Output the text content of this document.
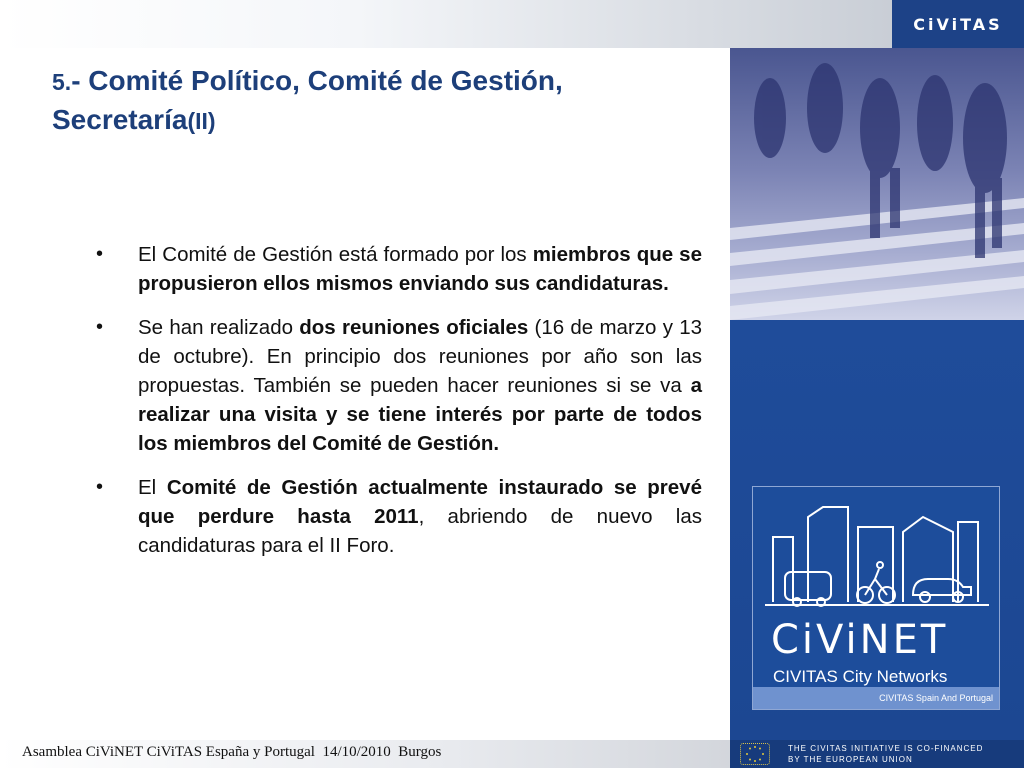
CiViTAS
5.- Comité Político, Comité de Gestión, Secretaría(II)
• El Comité de Gestión está formado por los miembros que se propusieron ellos mismos enviando sus candidaturas.

• Se han realizado dos reuniones oficiales (16 de marzo y 13 de octubre). En principio dos reuniones por año son las propuestas. También se pueden hacer reuniones si se va a realizar una visita y se tiene interés por parte de todos los miembros del Comité de Gestión.

• El Comité de Gestión actualmente instaurado se prevé que perdure hasta 2011, abriendo de nuevo las candidaturas para el II Foro.

CiViNET
CIVITAS City Networks
CIVITAS Spain And Portugal
Asamblea CiViNET CiViTAS España y Portugal  14/10/2010  Burgos	THE CIVITAS INITIATIVE IS CO-FINANCED
BY THE EUROPEAN UNION
